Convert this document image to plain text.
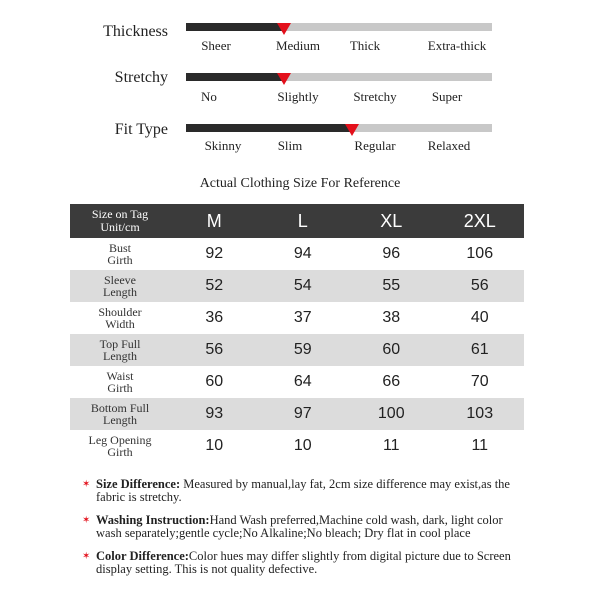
Thickness
Sheer	Medium	Thick	Extra-thick
Stretchy
No	Slightly	Stretchy	Super
Fit Type
Skinny	Slim	Regular	Relaxed
Actual Clothing Size For Reference
Size on Tag
Unit/cm	M	L	XL	2XL
Bust
Girth	92	94	96	106
Sleeve
Length	52	54	55	56
Shoulder
Width	36	37	38	40
Top Full
Length	56	59	60	61
Waist
Girth	60	64	66	70
Bottom Full
Length	93	97	100	103
Leg Opening
Girth	10	10	11	11
✶ Size Difference: Measured by manual,lay fat, 2cm size difference may exist,as the fabric is stretchy.
✶ Washing Instruction:Hand Wash preferred,Machine cold wash, dark, light color wash separately;gentle cycle;No Alkaline;No bleach; Dry flat in cool place
✶ Color Difference:Color hues may differ slightly from digital picture due to Screen display setting. This is not quality defective.
